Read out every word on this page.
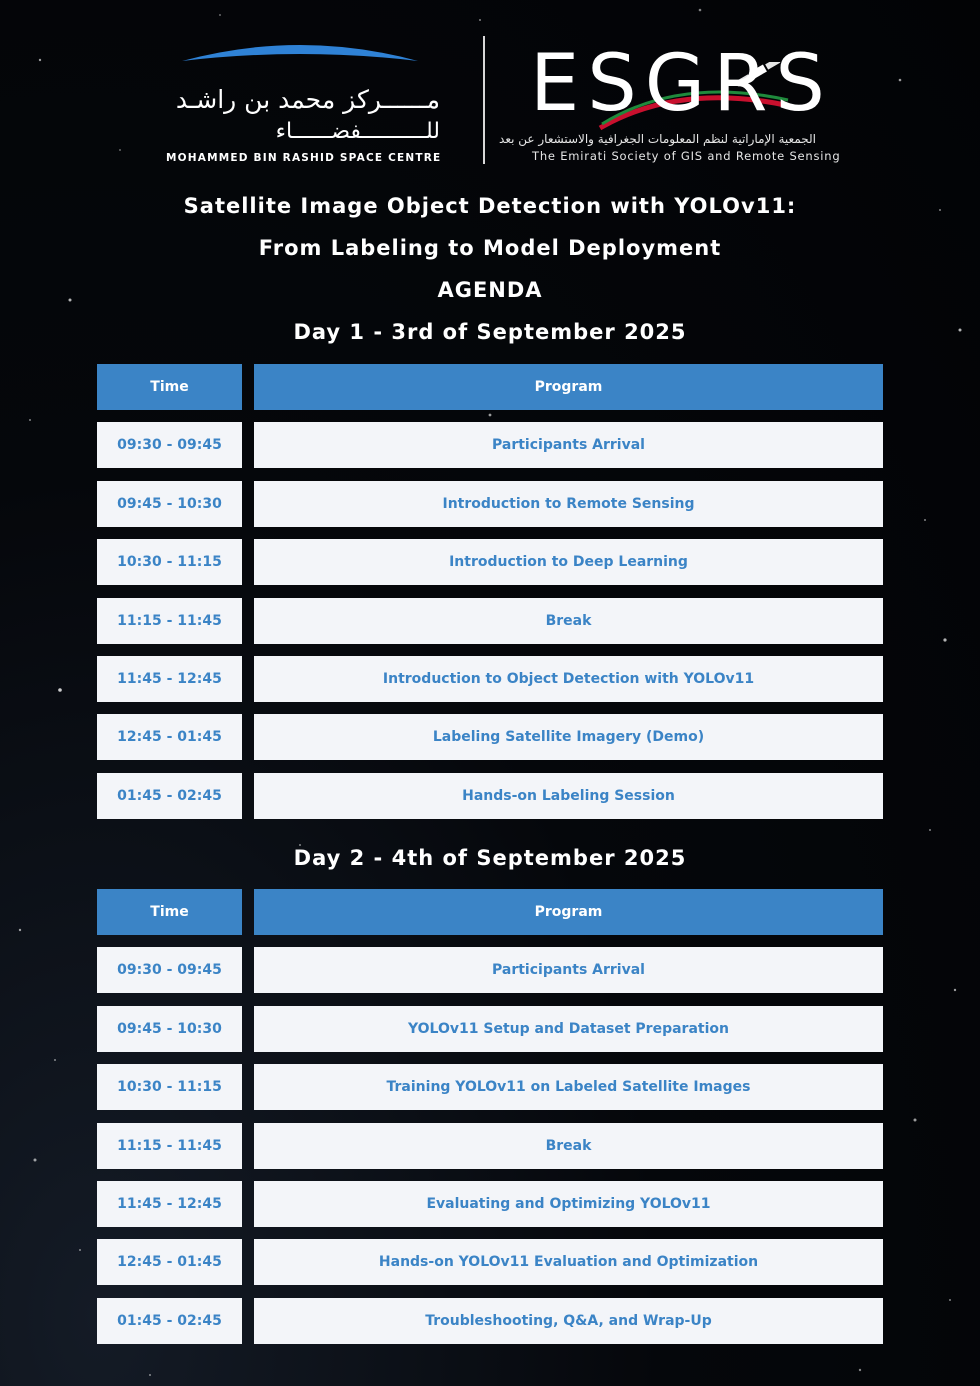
مــــــركز محمد بن راشـد
للــــــــــفضــــــاء
MOHAMMED BIN RASHID SPACE CENTRE
ESGRS
الجمعية الإماراتية لنظم المعلومات الجغرافية والاستشعار عن بعد
The Emirati Society of GIS and Remote Sensing
Satellite Image Object Detection with YOLOv11:
From Labeling to Model Deployment
AGENDA
Day 1 - 3rd of September 2025
Time	Program
09:30 - 09:45	Participants Arrival
09:45 - 10:30	Introduction to Remote Sensing
10:30 - 11:15	Introduction to Deep Learning
11:15 - 11:45	Break
11:45 - 12:45	Introduction to Object Detection with YOLOv11
12:45 - 01:45	Labeling Satellite Imagery (Demo)
01:45 - 02:45	Hands-on Labeling Session
Day 2 - 4th of September 2025
Time	Program
09:30 - 09:45	Participants Arrival
09:45 - 10:30	YOLOv11 Setup and Dataset Preparation
10:30 - 11:15	Training YOLOv11 on Labeled Satellite Images
11:15 - 11:45	Break
11:45 - 12:45	Evaluating and Optimizing YOLOv11
12:45 - 01:45	Hands-on YOLOv11 Evaluation and Optimization
01:45 - 02:45	Troubleshooting, Q&A, and Wrap-Up
